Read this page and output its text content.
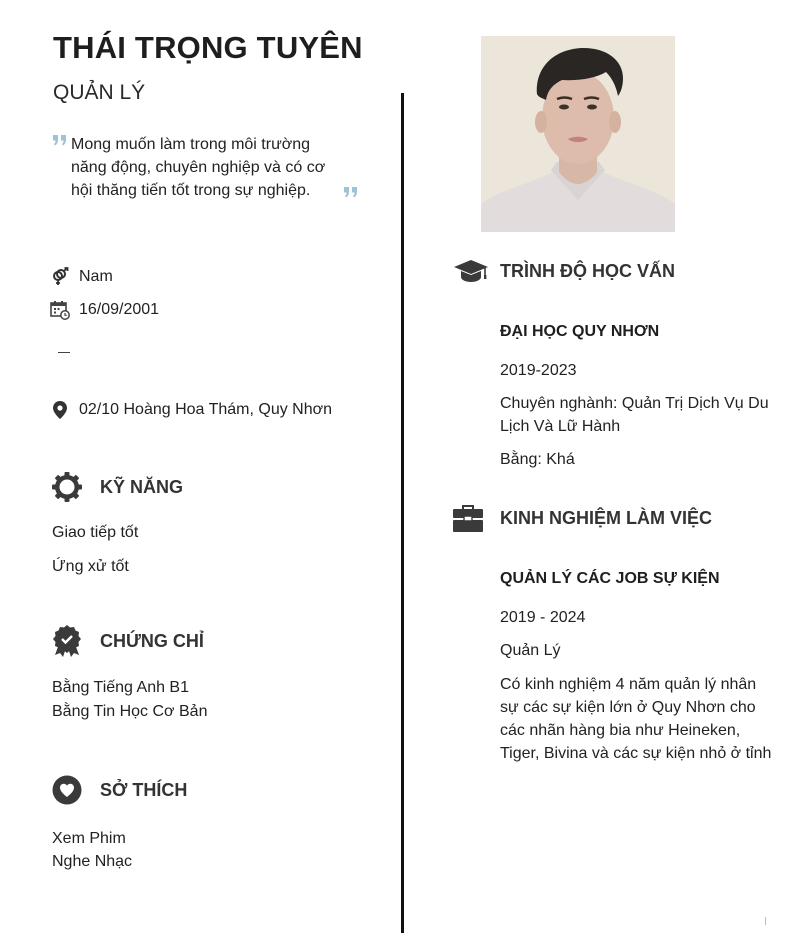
THÁI TRỌNG TUYÊN
QUẢN LÝ
Mong muốn làm trong môi trường năng động, chuyên nghiệp và có cơ hội thăng tiến tốt trong sự nghiệp.
Nam
16/09/2001
02/10 Hoàng Hoa Thám, Quy Nhơn
KỸ NĂNG
Giao tiếp tốt
Ứng xử tốt
CHỨNG CHỈ
Bằng Tiếng Anh B1
Bằng Tin Học Cơ Bản
SỞ THÍCH
Xem Phim
Nghe Nhạc
TRÌNH ĐỘ HỌC VẤN
ĐẠI HỌC QUY NHƠN
2019-2023
Chuyên nghành: Quản Trị Dịch Vụ Du Lịch Và Lữ Hành
Bằng: Khá
KINH NGHIỆM LÀM VIỆC
QUẢN LÝ CÁC JOB SỰ KIỆN
2019 - 2024
Quản Lý
Có kinh nghiệm 4 năm quản lý nhân sự các sự kiện lớn ở Quy Nhơn cho các nhãn hàng bia như Heineken, Tiger, Bivina và các sự kiện nhỏ ở tỉnh
